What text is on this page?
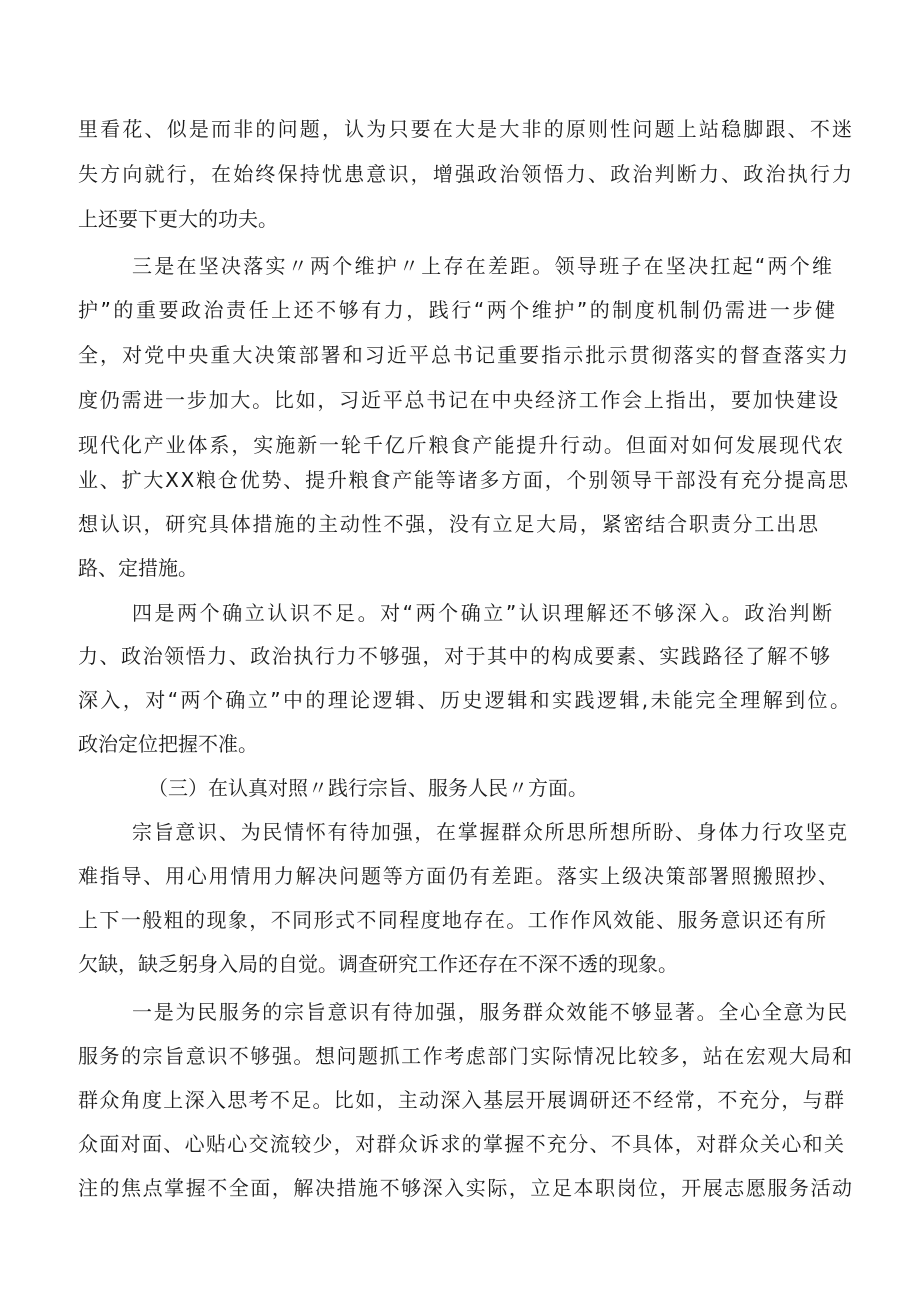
里看花、似是而非的问题，认为只要在大是大非的原则性问题上站稳脚跟、不迷
失方向就行，在始终保持忧患意识，增强政治领悟力、政治判断力、政治执行力
上还要下更大的功夫。
三是在坚决落实〃两个维护〃上存在差距。领导班子在坚决扛起“两个维
护”的重要政治责任上还不够有力，践行“两个维护”的制度机制仍需进一步健
全，对党中央重大决策部署和习近平总书记重要指示批示贯彻落实的督查落实力
度仍需进一步加大。比如，习近平总书记在中央经济工作会上指出，要加快建设
现代化产业体系，实施新一轮千亿斤粮食产能提升行动。但面对如何发展现代农
业、扩大XX粮仓优势、提升粮食产能等诸多方面，个别领导干部没有充分提高思
想认识，研究具体措施的主动性不强，没有立足大局，紧密结合职责分工出思
路、定措施。
四是两个确立认识不足。对“两个确立”认识理解还不够深入。政治判断
力、政治领悟力、政治执行力不够强，对于其中的构成要素、实践路径了解不够
深入，对“两个确立”中的理论逻辑、历史逻辑和实践逻辑,未能完全理解到位。
政治定位把握不准。
（三）在认真对照〃践行宗旨、服务人民〃方面。
宗旨意识、为民情怀有待加强，在掌握群众所思所想所盼、身体力行攻坚克
难指导、用心用情用力解决问题等方面仍有差距。落实上级决策部署照搬照抄、
上下一般粗的现象，不同形式不同程度地存在。工作作风效能、服务意识还有所
欠缺，缺乏躬身入局的自觉。调查研究工作还存在不深不透的现象。
一是为民服务的宗旨意识有待加强，服务群众效能不够显著。全心全意为民
服务的宗旨意识不够强。想问题抓工作考虑部门实际情况比较多，站在宏观大局和
群众角度上深入思考不足。比如，主动深入基层开展调研还不经常，不充分，与群
众面对面、心贴心交流较少，对群众诉求的掌握不充分、不具体，对群众关心和关
注的焦点掌握不全面，解决措施不够深入实际，立足本职岗位，开展志愿服务活动
